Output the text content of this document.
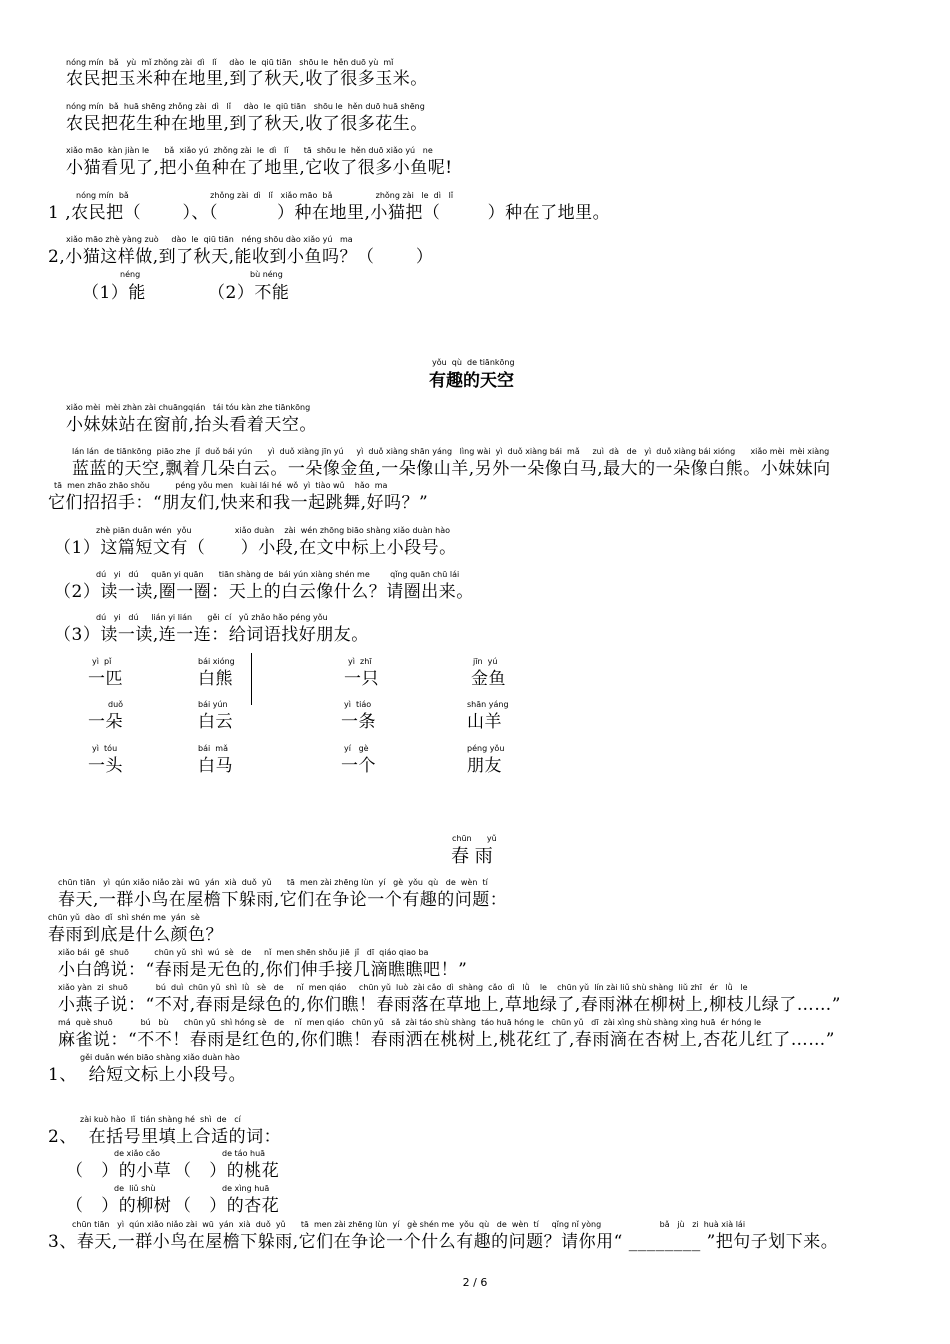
nóng mín  bǎ   yù  mǐ zhǒng zài  dì   lǐ     dào  le  qiū tiān   shōu le  hěn duō yù  mǐ
农民把玉米种在地里,到了秋天,收了很多玉米。
nóng mín  bǎ  huā shēng zhǒng zài  dì   lǐ     dào  le  qiū tiān   shōu le  hěn duō huā shēng
农民把花生种在地里,到了秋天,收了很多花生。
xiǎo māo  kàn jiàn le      bǎ  xiǎo yú  zhǒng zài  le  dì   lǐ      tā  shōu le  hěn duō xiǎo yú   ne
小猫看见了,把小鱼种在了地里,它收了很多小鱼呢!
nóng mín  bǎ                                zhǒng zài  dì   lǐ   xiǎo māo  bǎ                 zhǒng zài   le  dì   lǐ
1 ,农民把（       ）、（          ）种在地里,小猫把（        ）种在了地里。
xiǎo māo zhè yàng zuò     dào  le  qiū tiān   néng shōu dào xiǎo yú   ma
2,小猫这样做,到了秋天,能收到小鱼吗？（       ）
néng	bù néng
（1）能	（2）不能
yǒu  qù  de tiānkōng
有趣的天空
xiǎo mèi  mèi zhàn zài chuāngqián   tái tóu kàn zhe tiānkōng
小妹妹站在窗前,抬头看着天空。
lán lán  de tiānkōng  piāo zhe  jǐ  duǒ bái yún      yì  duǒ xiàng jīn yú     yì  duǒ xiàng shān yáng   lìng wài  yì  duǒ xiàng bái  mǎ     zuì  dà   de   yì  duǒ xiàng bái xióng      xiǎo mèi  mèi xiàng
蓝蓝的天空,飘着几朵白云。一朵像金鱼,一朵像山羊,另外一朵像白马,最大的一朵像白熊。小妹妹向
tā  men zhāo zhāo shǒu          péng yǒu men   kuài lái hé  wǒ  yì  tiào wǔ    hǎo  ma
它们招招手：“朋友们,快来和我一起跳舞,好吗？”
zhè piān duǎn wén  yǒu                 xiǎo duàn    zài  wén zhōng biāo shàng xiǎo duàn hào
（1）这篇短文有（      ）小段,在文中标上小段号。
dú   yi   dú     quān yi quān      tiān shàng de  bái yún xiàng shén me        qǐng quān chū lái
（2）读一读,圈一圈：天上的白云像什么？请圈出来。
dú   yi   dú     lián yi lián      gěi  cí   yǔ zhǎo hǎo péng yǒu
（3）读一读,连一连：给词语找好朋友。
yì  pǐ
一匹
bái xióng
白熊
yì  zhī
一只
jīn  yú
金鱼
duǒ
一朵
bái yún
白云
yì  tiáo
一条
shān yáng
山羊
yì  tóu
一头
bái  mǎ
白马
yí   gè
一个
péng yǒu
朋友
chūn      yǔ
春 雨
chūn tiān   yì  qún xiǎo niǎo zài  wū  yán  xià  duǒ  yǔ      tā  men zài zhēng lùn  yí   gè  yǒu  qù   de  wèn  tí
春天,一群小鸟在屋檐下躲雨,它们在争论一个有趣的问题：
chūn yǔ  dào  dǐ  shì shén me  yán  sè
春雨到底是什么颜色？
xiǎo bái  gē  shuō          chūn yǔ  shì  wú  sè   de     nǐ  men shēn shǒu jiē  jǐ   dī  qiáo qiao ba
小白鸽说：“春雨是无色的,你们伸手接几滴瞧瞧吧！”
xiǎo yàn  zi  shuō           bú  duì  chūn yǔ  shì  lǜ   sè   de     nǐ  men qiáo     chūn yǔ  luò  zài cǎo  dì  shàng  cǎo  dì   lǜ    le    chūn yǔ  lín zài liǔ shù shàng  liǔ zhī   ér   lǜ   le
小燕子说：“不对,春雨是绿色的,你们瞧！春雨落在草地上,草地绿了,春雨淋在柳树上,柳枝儿绿了……”
má  què shuō           bú   bù      chūn yǔ  shì hóng sè   de    nǐ  men qiáo   chūn yǔ   sǎ  zài táo shù shàng  táo huā hóng le   chūn yǔ   dī  zài xìng shù shàng xìng huā  ér hóng le
麻雀说：“不不！春雨是红色的,你们瞧！春雨洒在桃树上,桃花红了,春雨滴在杏树上,杏花儿红了……”
gěi duǎn wén biāo shàng xiǎo duàn hào
1、  给短文标上小段号。
zài kuò hào  lǐ  tián shàng hé  shì  de   cí
2、  在括号里填上合适的词：
de xiǎo cǎo
（   ）的小草
de táo huā
（   ）的桃花
de  liǔ shù
（   ）的柳树
de xìng huā
（   ）的杏花
chūn tiān   yì  qún xiǎo niǎo zài  wū  yán  xià  duǒ  yǔ      tā  men zài zhēng lùn  yí   gè shén me  yǒu  qù   de  wèn  tí     qǐng nǐ yòng                       bǎ   jù   zi  huà xià lái
3、春天,一群小鸟在屋檐下躲雨,它们在争论一个什么有趣的问题？请你用“ ________ ”把句子划下来。
2 / 6
